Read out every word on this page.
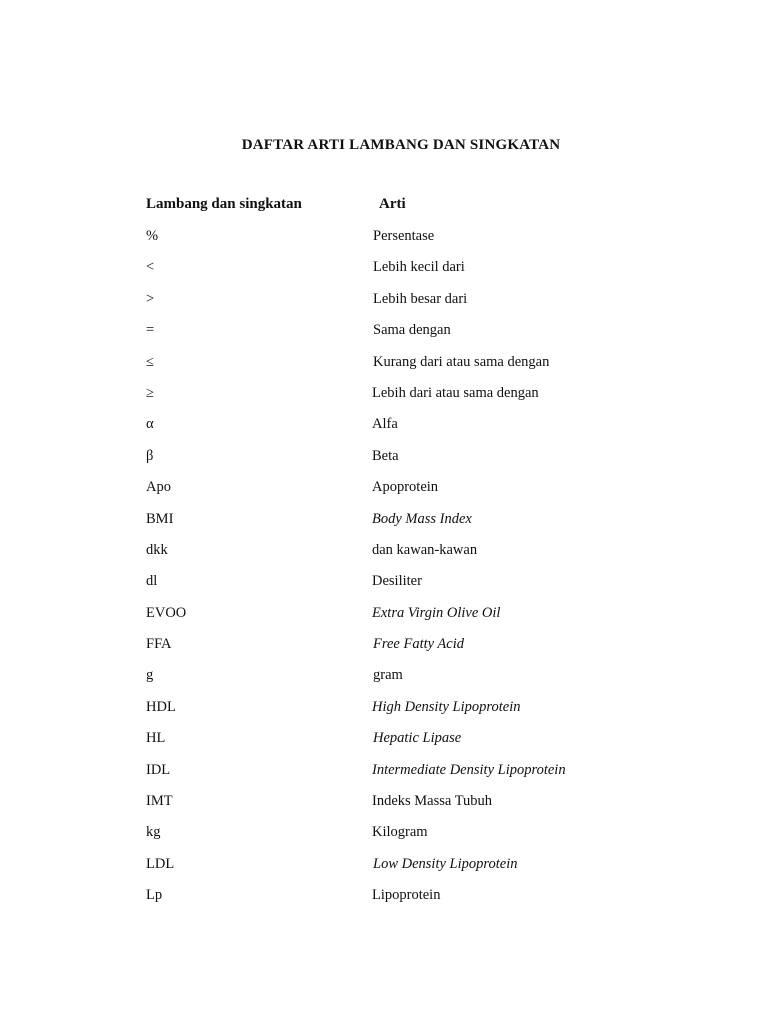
DAFTAR ARTI LAMBANG DAN SINGKATAN
Lambang dan singkatan	Arti
%	Persentase
<	Lebih kecil dari
>	Lebih besar dari
=	Sama dengan
≤	Kurang dari atau sama dengan
≥	Lebih dari atau sama dengan
α	Alfa
β	Beta
Apo	Apoprotein
BMI	Body Mass Index
dkk	dan kawan-kawan
dl	Desiliter
EVOO	Extra Virgin Olive Oil
FFA	Free Fatty Acid
g	gram
HDL	High Density Lipoprotein
HL	Hepatic Lipase
IDL	Intermediate Density Lipoprotein
IMT	Indeks Massa Tubuh
kg	Kilogram
LDL	Low Density Lipoprotein
Lp	Lipoprotein
